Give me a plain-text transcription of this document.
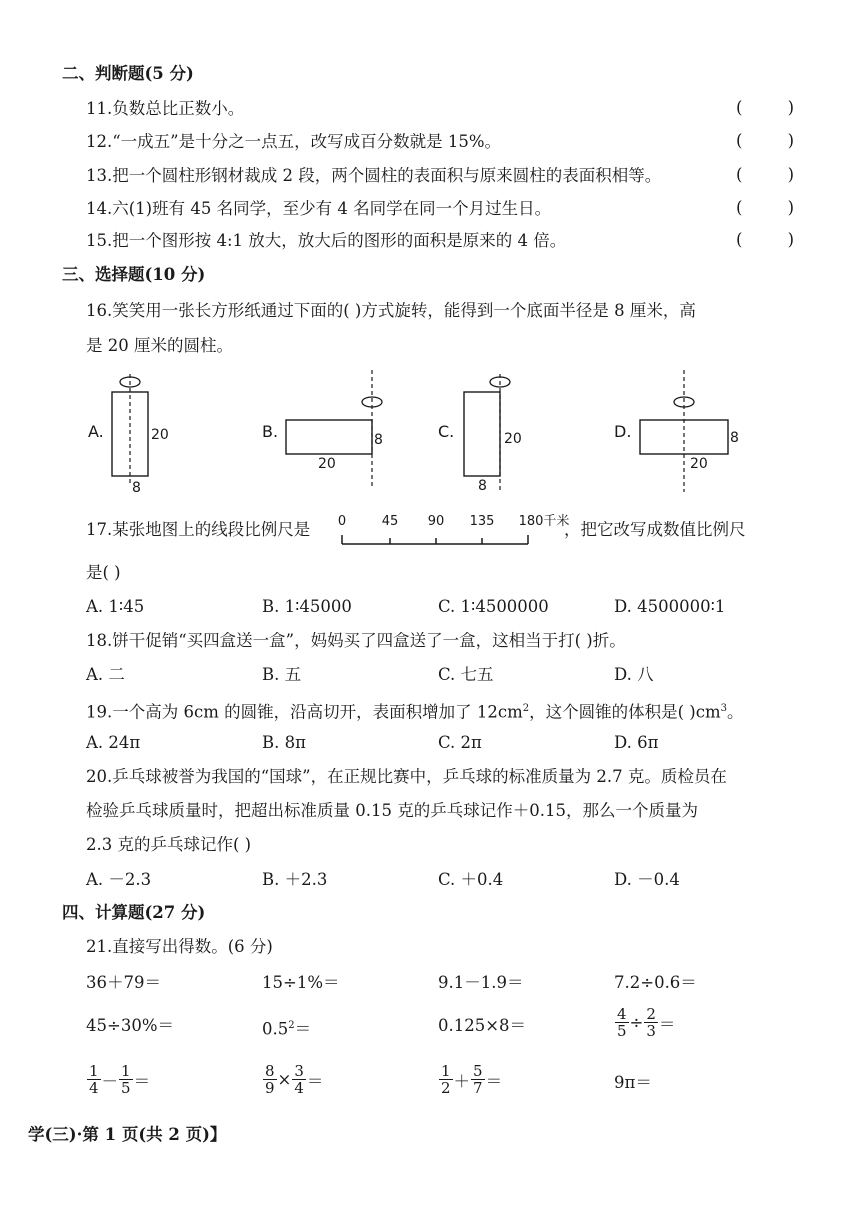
二、判断题(5 分)
11.负数总比正数小。	(	)
12.“一成五”是十分之一点五，改写成百分数就是 15%。	(	)
13.把一个圆柱形钢材裁成 2 段，两个圆柱的表面积与原来圆柱的表面积相等。	(	)
14.六(1)班有 45 名同学，至少有 4 名同学在同一个月过生日。	(	)
15.把一个图形按 4:1 放大，放大后的图形的面积是原来的 4 倍。	(	)
三、选择题(10 分)
16.笑笑用一张长方形纸通过下面的( )方式旋转，能得到一个底面半径是 8 厘米，高
是 20 厘米的圆柱。
A.	20
8
B.	8
20
C.	20
8
D.	8
20
17.某张地图上的线段比例尺是 0	45 90 135 180千米
，把它改写成数值比例尺
是( )
A. 1∶45	B. 1∶45000	C. 1∶4500000	D. 4500000∶1
18.饼干促销“买四盒送一盒”，妈妈买了四盒送了一盒，这相当于打( )折。
A. 二	B. 五	C. 七五	D. 八
19.一个高为 6cm 的圆锥，沿高切开，表面积增加了 $12cm^2$，这个圆锥的体积是( )$cm^3$。
A. 24π	B. 8π	C. 2π	D. 6π
20.乒乓球被誉为我国的“国球”，在正规比赛中，乒乓球的标准质量为 2.7 克。质检员在
检验乒乓球质量时，把超出标准质量 0.15 克的乒乓球记作＋0.15，那么一个质量为
2.3 克的乒乓球记作( )
A. －2.3	B. ＋2.3	C. ＋0.4	D. －0.4
四、计算题(27 分)
21.直接写出得数。(6 分)
36＋79＝	15÷1%＝	9.1－1.9＝	7.2÷0.6＝
45÷30%＝	$0.5^2=$	0.125×8＝	$\frac{4}{5} \div \frac{2}{3}$ ＝
$\frac{1}{4} - \frac{1}{5}$ ＝	$\frac{8}{9} \times \frac{3}{4}$ ＝	$\frac{1}{2} + \frac{5}{7}$ ＝	9π＝
学(三)·第 1 页(共 2 页)】
